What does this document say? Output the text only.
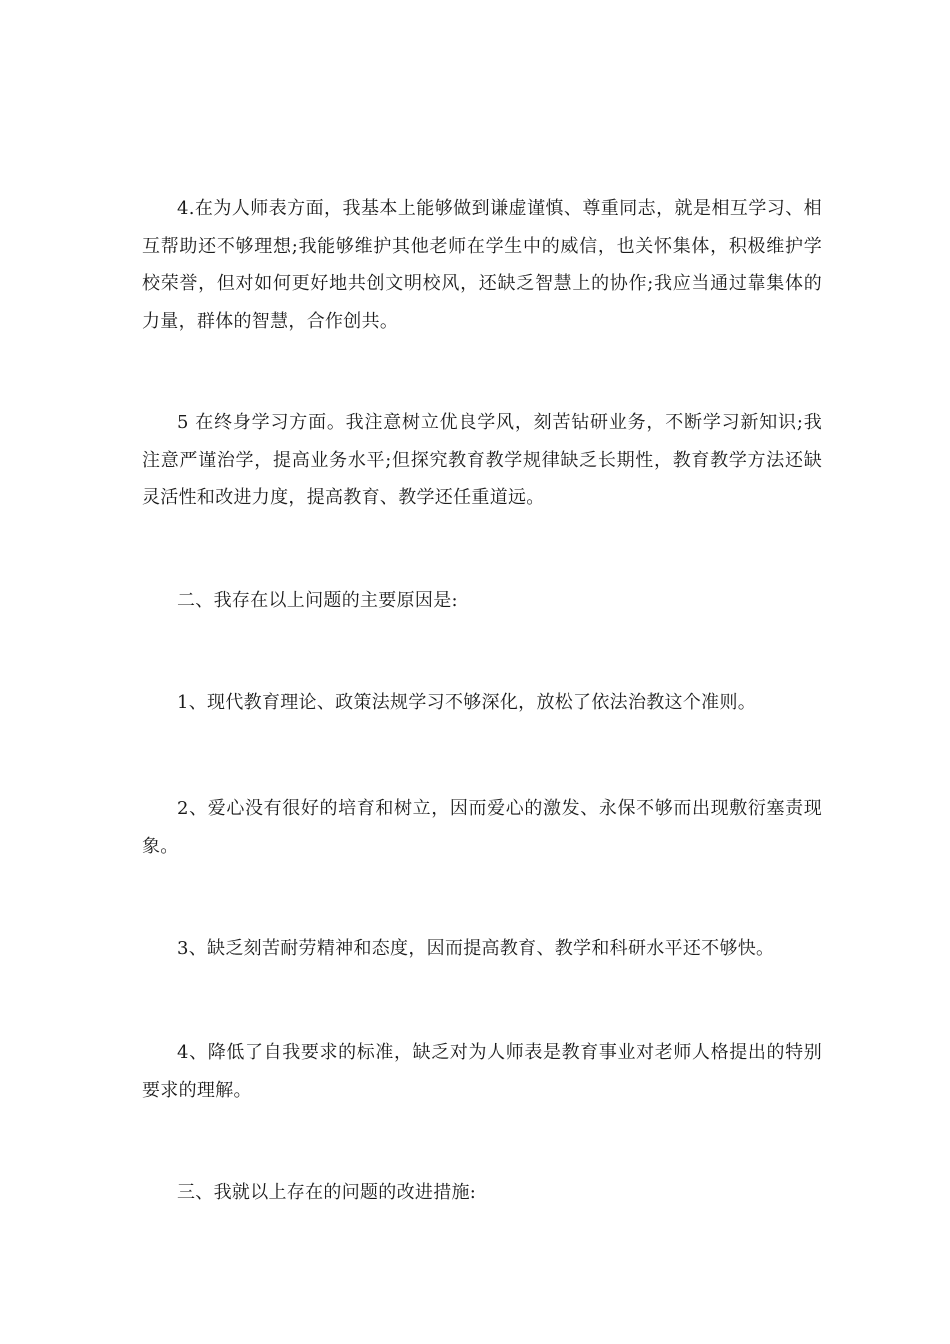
4.在为人师表方面，我基本上能够做到谦虚谨慎、尊重同志，就是相互学习、相互帮助还不够理想;我能够维护其他老师在学生中的威信，也关怀集体，积极维护学校荣誉，但对如何更好地共创文明校风，还缺乏智慧上的协作;我应当通过靠集体的力量，群体的智慧，合作创共。

5 在终身学习方面。我注意树立优良学风，刻苦钻研业务，不断学习新知识;我注意严谨治学，提高业务水平;但探究教育教学规律缺乏长期性，教育教学方法还缺灵活性和改进力度，提高教育、教学还任重道远。

二、我存在以上问题的主要原因是:

1、现代教育理论、政策法规学习不够深化，放松了依法治教这个准则。

2、爱心没有很好的培育和树立，因而爱心的激发、永保不够而出现敷衍塞责现象。

3、缺乏刻苦耐劳精神和态度，因而提高教育、教学和科研水平还不够快。

4、降低了自我要求的标准，缺乏对为人师表是教育事业对老师人格提出的特别要求的理解。

三、我就以上存在的问题的改进措施:
